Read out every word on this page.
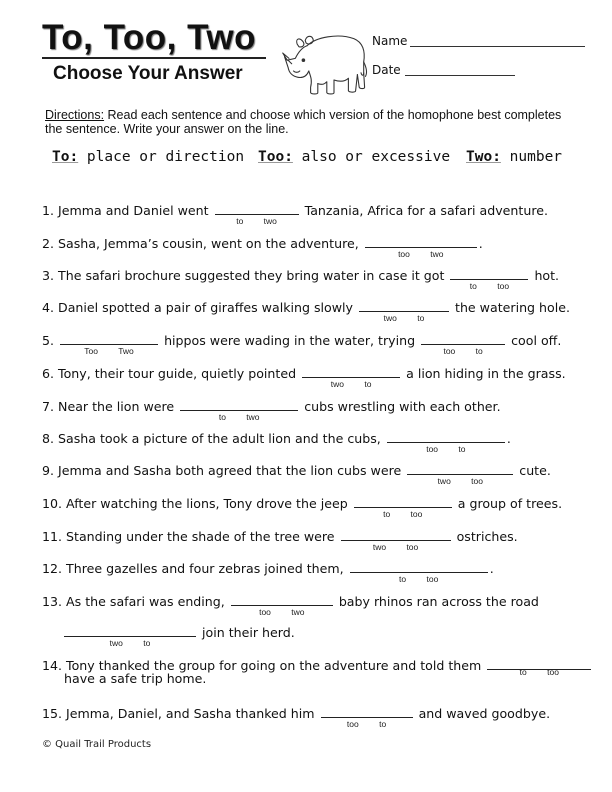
To, Too, Two
Choose Your Answer
Name
Date
Directions: Read each sentence and choose which version of the homophone best completes the sentence. Write your answer on the line.
To: place or direction Too: also or excessive Two: number
1. Jemma and Daniel went
to two
Tanzania, Africa for a safari adventure.
2. Sasha, Jemma’s cousin, went on the adventure,
too two
.
3. The safari brochure suggested they bring water in case it got
to too
hot.
4. Daniel spotted a pair of giraffes walking slowly
two to
the watering hole.
5.
Too Two
hippos were wading in the water, trying
too to
cool off.
6. Tony, their tour guide, quietly pointed
two to
a lion hiding in the grass.
7. Near the lion were
to two
cubs wrestling with each other.
8. Sasha took a picture of the adult lion and the cubs,
too to
.
9. Jemma and Sasha both agreed that the lion cubs were
two too
cute.
10. After watching the lions, Tony drove the jeep
to too
a group of trees.
11. Standing under the shade of the tree were
two too
ostriches.
12. Three gazelles and four zebras joined them,
to too
.
13. As the safari was ending,
too two
baby rhinos ran across the road
two to
join their herd.
14. Tony thanked the group for going on the adventure and told them	to too
have a safe trip home.
15. Jemma, Daniel, and Sasha thanked him
too to
and waved goodbye.
© Quail Trail Products
